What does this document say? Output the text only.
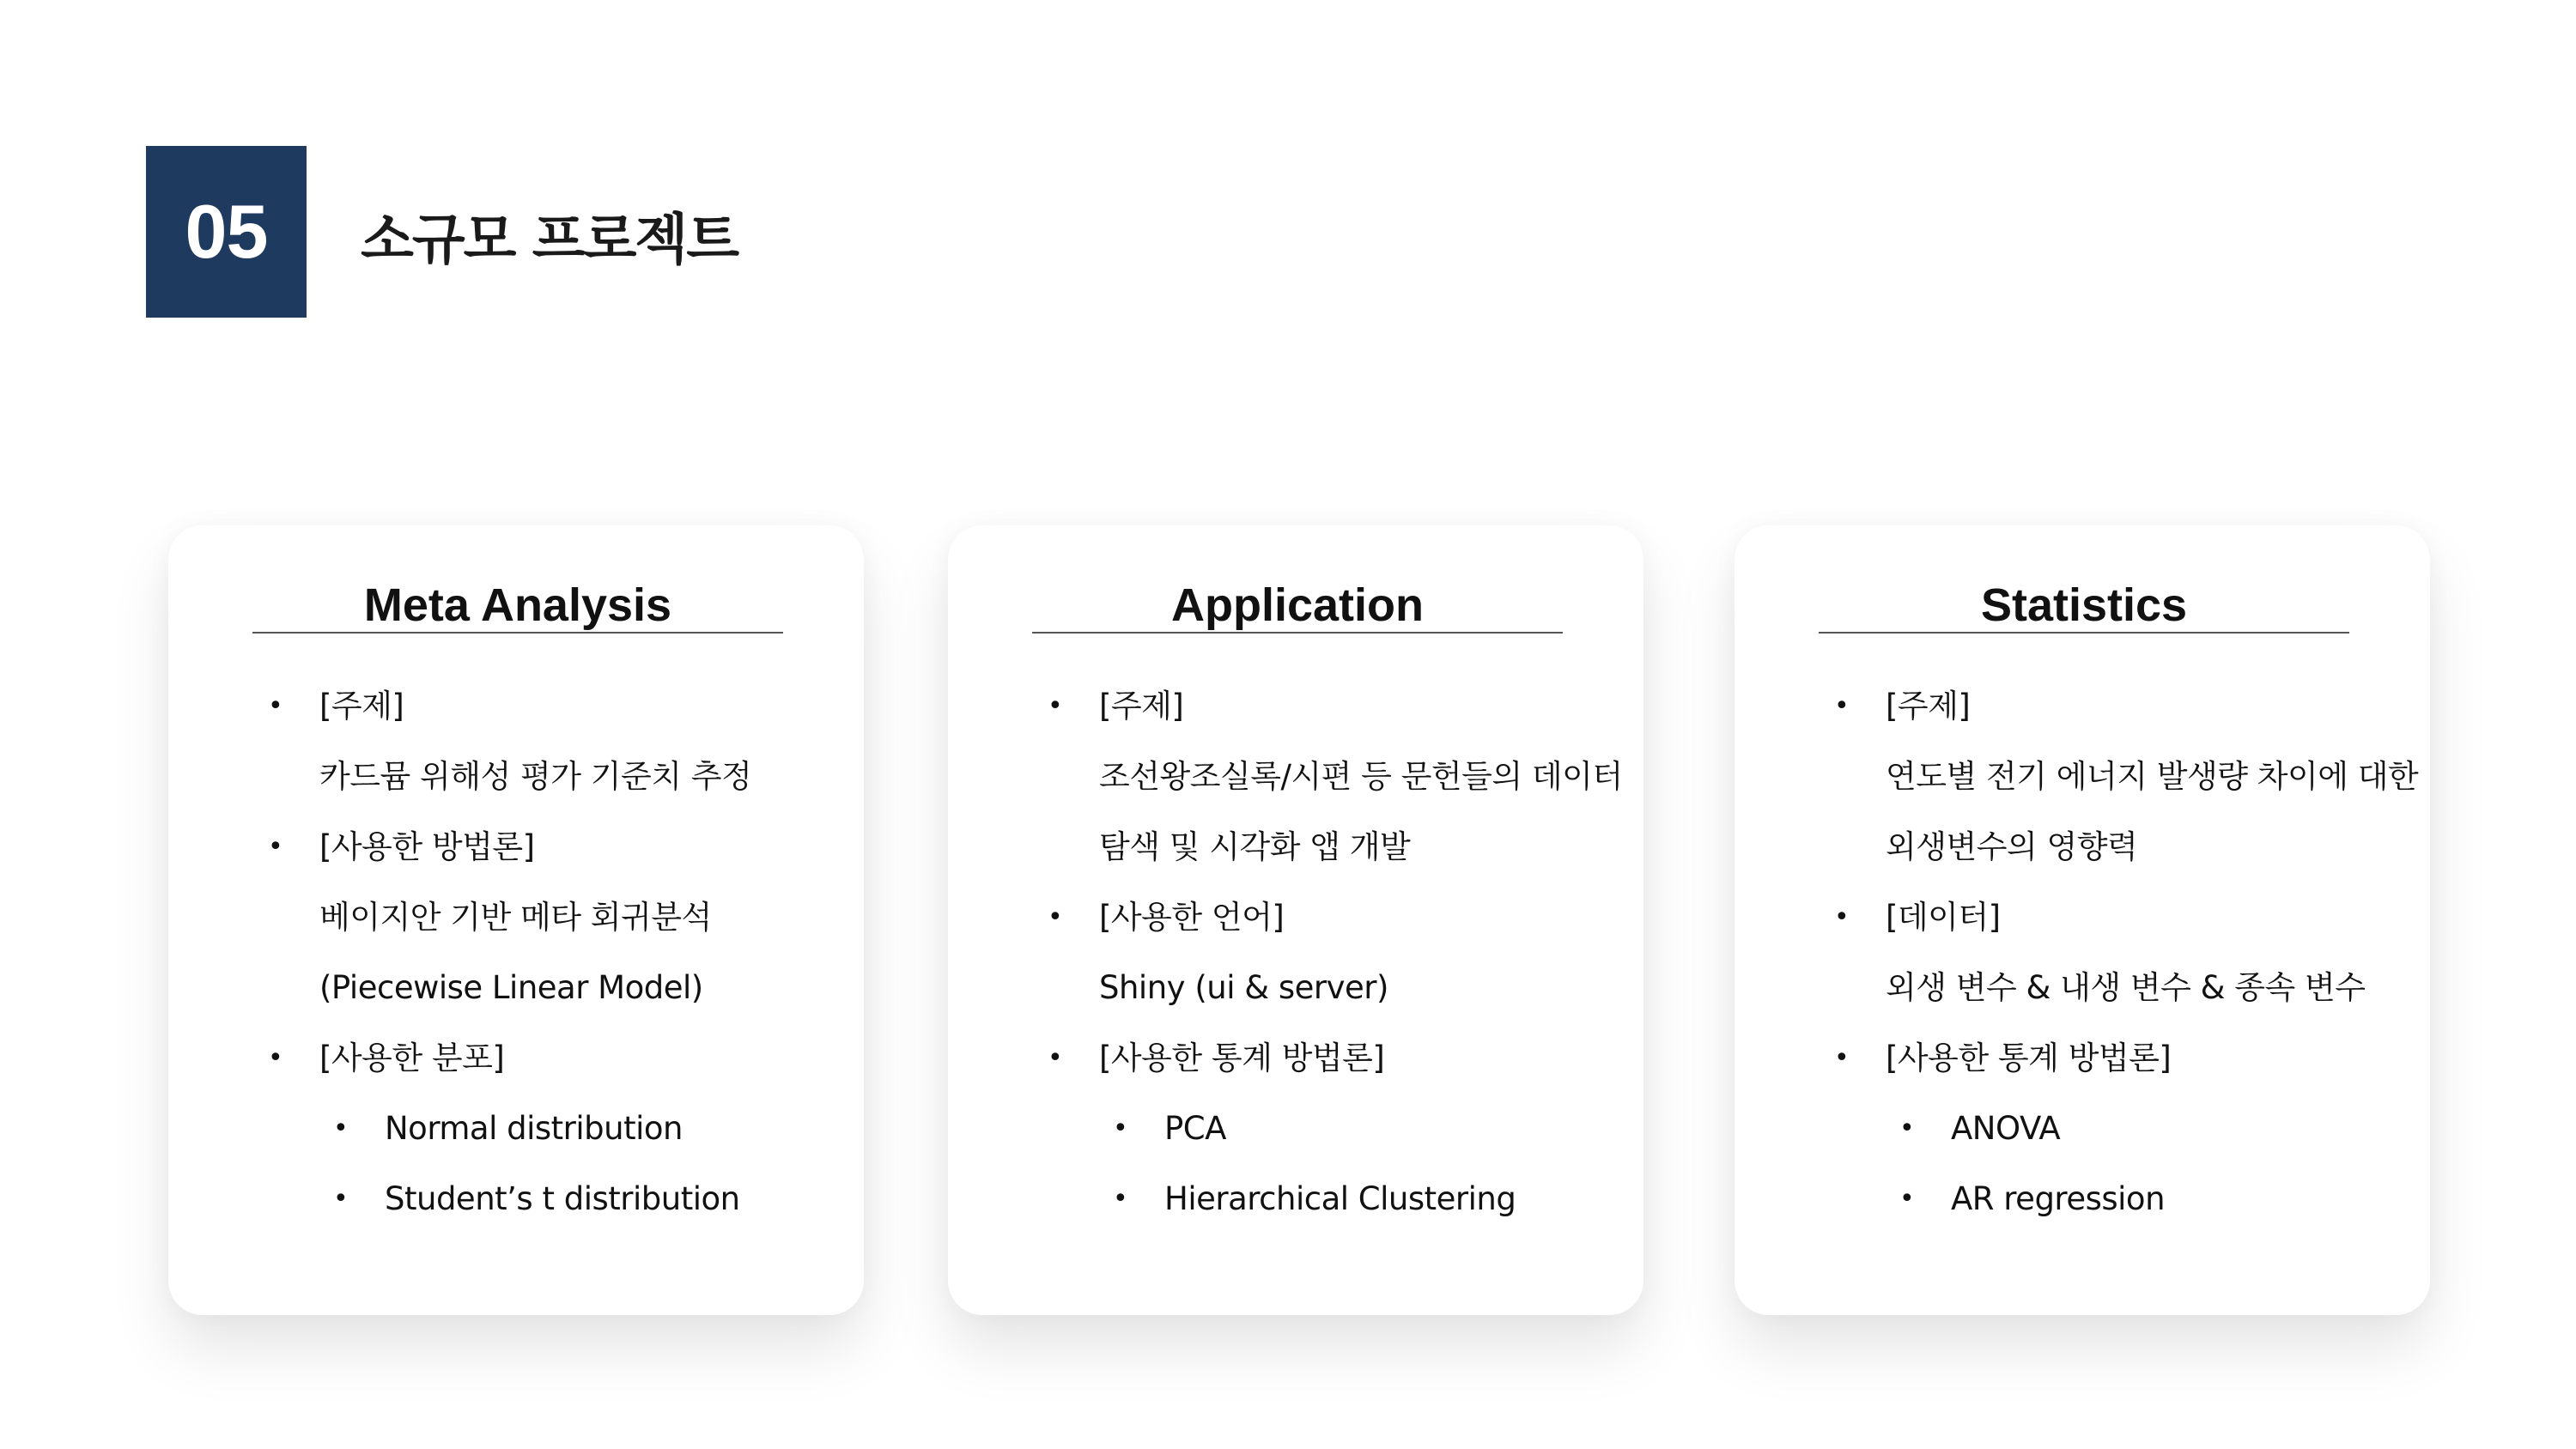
05 소규모 프로젝트
Meta Analysis
• [주제]
카드뮴 위해성 평가 기준치 추정
• [사용한 방법론]
베이지안 기반 메타 회귀분석
(Piecewise Linear Model)
• [사용한 분포]
• Normal distribution
• Student’s t distribution
Application
• [주제]
조선왕조실록/시편 등 문헌들의 데이터
탐색 및 시각화 앱 개발
• [사용한 언어]
Shiny (ui & server)
• [사용한 통계 방법론]
• PCA
• Hierarchical Clustering
Statistics
• [주제]
연도별 전기 에너지 발생량 차이에 대한
외생변수의 영향력
• [데이터]
외생 변수 & 내생 변수 & 종속 변수
• [사용한 통계 방법론]
• ANOVA
• AR regression
